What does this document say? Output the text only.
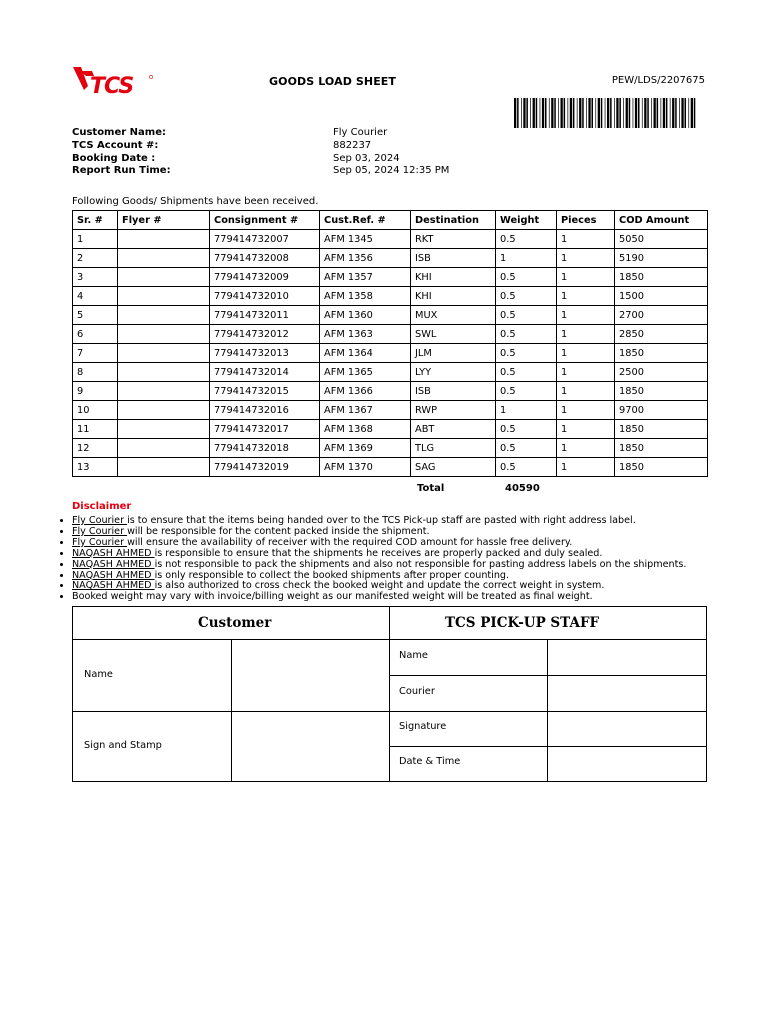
TCS	GOODS LOAD SHEET	PEW/LDS/2207675
Customer Name:	Fly Courier
TCS Account #:	882237
Booking Date :	Sep 03, 2024
Report Run Time:	Sep 05, 2024 12:35 PM
Following Goods/ Shipments have been received.
Sr. #	Flyer #	Consignment #	Cust.Ref. #	Destination	Weight	Pieces	COD Amount
1		779414732007	AFM 1345	RKT	0.5	1	5050
2		779414732008	AFM 1356	ISB	1	1	5190
3		779414732009	AFM 1357	KHI	0.5	1	1850
4		779414732010	AFM 1358	KHI	0.5	1	1500
5		779414732011	AFM 1360	MUX	0.5	1	2700
6		779414732012	AFM 1363	SWL	0.5	1	2850
7		779414732013	AFM 1364	JLM	0.5	1	1850
8		779414732014	AFM 1365	LYY	0.5	1	2500
9		779414732015	AFM 1366	ISB	0.5	1	1850
10		779414732016	AFM 1367	RWP	1	1	9700
11		779414732017	AFM 1368	ABT	0.5	1	1850
12		779414732018	AFM 1369	TLG	0.5	1	1850
13		779414732019	AFM 1370	SAG	0.5	1	1850
Total	40590
Disclaimer
• Fly Courier is to ensure that the items being handed over to the TCS Pick-up staff are pasted with right address label.
• Fly Courier will be responsible for the content packed inside the shipment.
• Fly Courier will ensure the availability of receiver with the required COD amount for hassle free delivery.
• NAQASH AHMED is responsible to ensure that the shipments he receives are properly packed and duly sealed.
• NAQASH AHMED is not responsible to pack the shipments and also not responsible for pasting address labels on the shipments.
• NAQASH AHMED is only responsible to collect the booked shipments after proper counting.
• NAQASH AHMED is also authorized to cross check the booked weight and update the correct weight in system.
• Booked weight may vary with invoice/billing weight as our manifested weight will be treated as final weight.
Customer	TCS PICK-UP STAFF
Name
Sign and Stamp
Name
Courier
Signature
Date & Time
